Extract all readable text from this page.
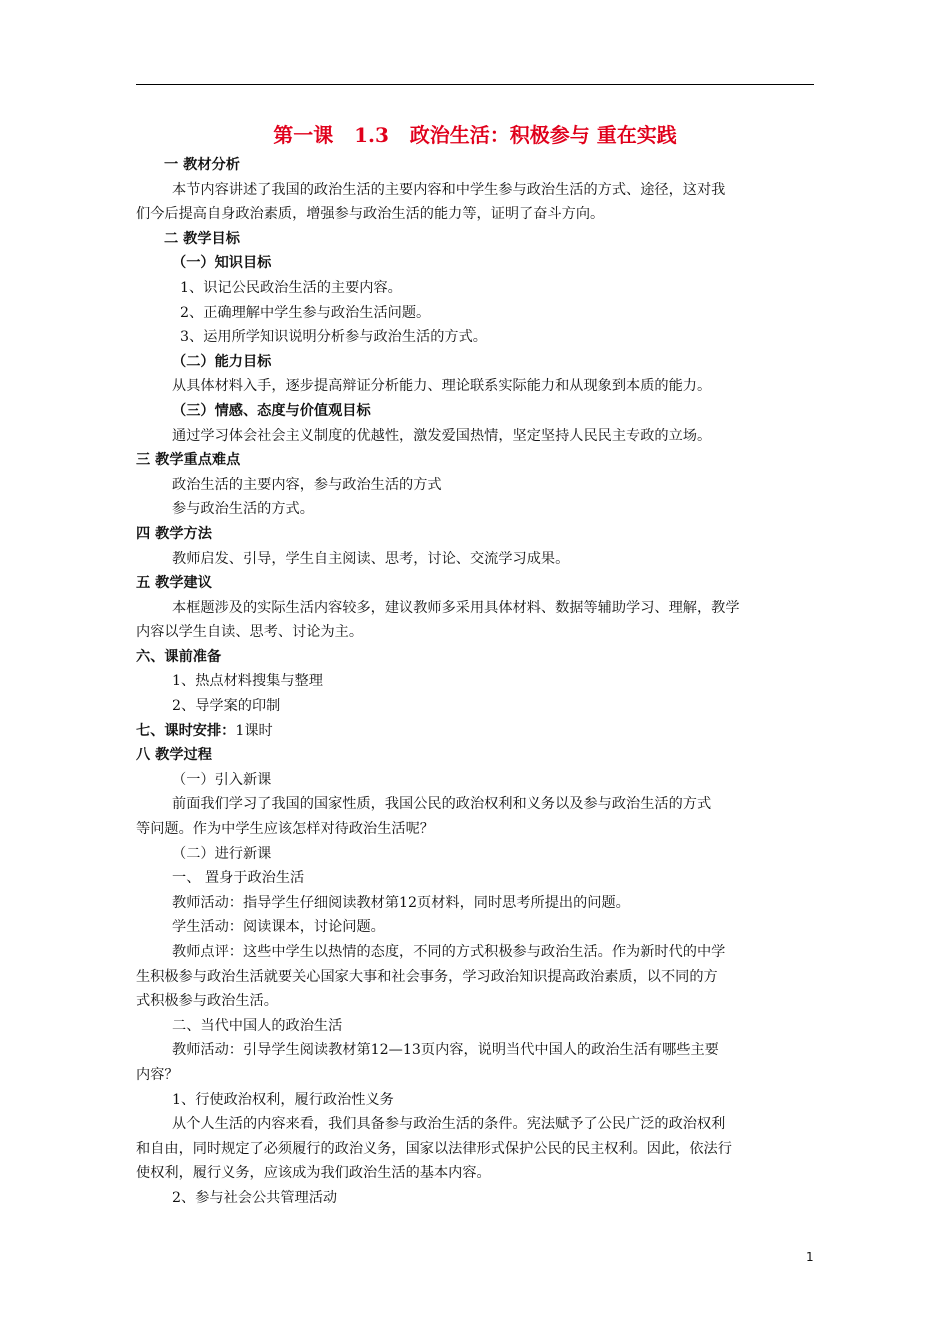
第一课   1.3   政治生活：积极参与 重在实践
一 教材分析
本节内容讲述了我国的政治生活的主要内容和中学生参与政治生活的方式、途径，这对我
们今后提高自身政治素质，增强参与政治生活的能力等，证明了奋斗方向。
二 教学目标
（一）知识目标
1、识记公民政治生活的主要内容。
2、正确理解中学生参与政治生活问题。
3、运用所学知识说明分析参与政治生活的方式。
（二）能力目标
从具体材料入手，逐步提高辩证分析能力、理论联系实际能力和从现象到本质的能力。
（三）情感、态度与价值观目标
通过学习体会社会主义制度的优越性，激发爱国热情，坚定坚持人民民主专政的立场。
三 教学重点难点
政治生活的主要内容，参与政治生活的方式
参与政治生活的方式。
四 教学方法
教师启发、引导，学生自主阅读、思考，讨论、交流学习成果。
五 教学建议
本框题涉及的实际生活内容较多，建议教师多采用具体材料、数据等辅助学习、理解，教学
内容以学生自读、思考、讨论为主。
六、课前准备
1、热点材料搜集与整理
2、导学案的印制
七、课时安排：1课时
八 教学过程
（一）引入新课
前面我们学习了我国的国家性质，我国公民的政治权利和义务以及参与政治生活的方式
等问题。作为中学生应该怎样对待政治生活呢？
（二）进行新课
一、 置身于政治生活
教师活动：指导学生仔细阅读教材第12页材料，同时思考所提出的问题。
学生活动：阅读课本，讨论问题。
教师点评：这些中学生以热情的态度，不同的方式积极参与政治生活。作为新时代的中学
生积极参与政治生活就要关心国家大事和社会事务，学习政治知识提高政治素质，以不同的方
式积极参与政治生活。
二、当代中国人的政治生活
教师活动：引导学生阅读教材第12—13页内容，说明当代中国人的政治生活有哪些主要
内容？
1、行使政治权利，履行政治性义务
从个人生活的内容来看，我们具备参与政治生活的条件。宪法赋予了公民广泛的政治权利
和自由，同时规定了必须履行的政治义务，国家以法律形式保护公民的民主权利。因此，依法行
使权利，履行义务，应该成为我们政治生活的基本内容。
2、参与社会公共管理活动
1
